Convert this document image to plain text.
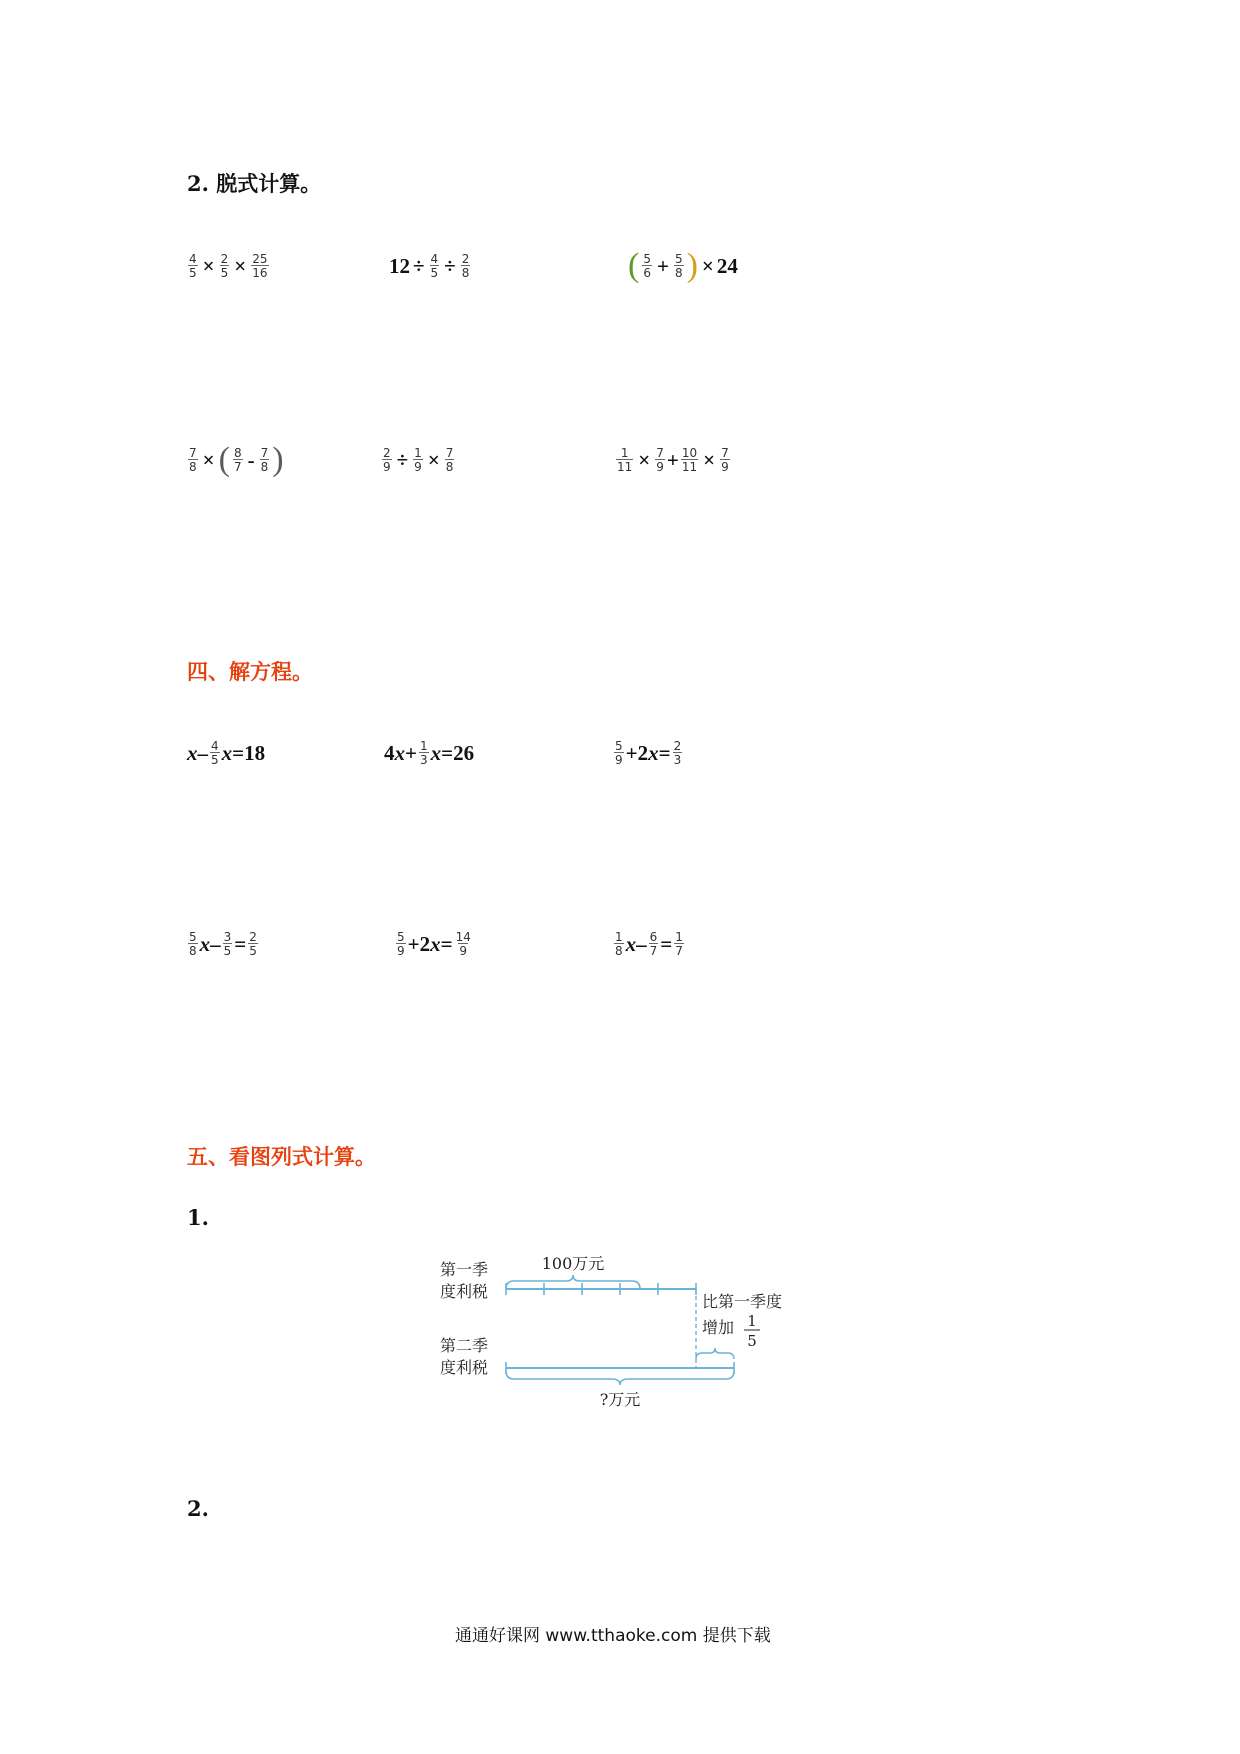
2. 脱式计算。
$\frac{4}{5} \times \frac{2}{5} \times \frac{25}{16}$	$12 \div \frac{4}{5} \div \frac{2}{8}$	( $\frac{5}{6} + \frac{5}{8}$ ) × 24
$\frac{7}{8}$ × ( $\frac{8}{7} - \frac{7}{8}$ )	$\frac{2}{9} \div \frac{1}{9} \times \frac{7}{8}$	$\frac{1}{11} \times \frac{7}{9} + \frac{10}{11} \times \frac{7}{9}$
四、解方程。
x – $\frac{4}{5}$ x = 18	4 $x + \frac{1}{3}$ x = 26	$\frac{5}{9} + 2$ $x = \frac{2}{3}$
$\frac{5}{8}$ $x - \frac{3}{5} = \frac{2}{5}$	$\frac{5}{9} + 2$ $x = \frac{14}{9}$	$\frac{1}{8}$ $x - \frac{6}{7} = \frac{1}{7}$
五、看图列式计算。
1.
第一季
度利税
第二季
度利税
100万元
?万元
比第一季度
增加 1
5
2.
通通好课网 www.tthaoke.com 提供下载
